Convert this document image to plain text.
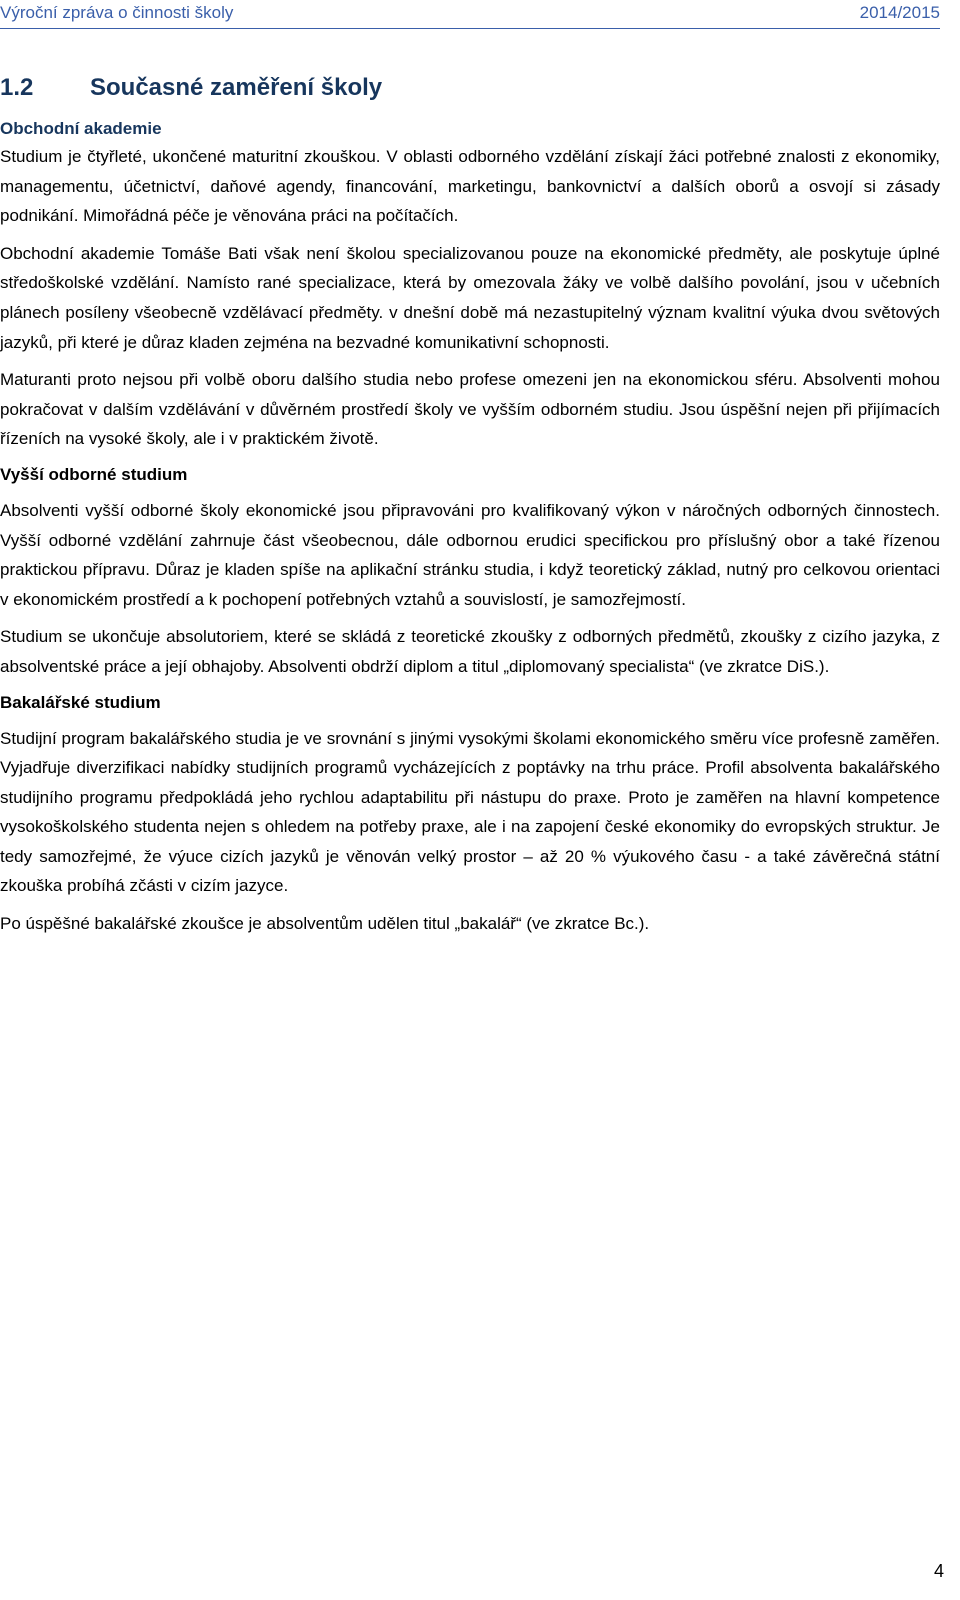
Výroční zpráva o činnosti školy	2014/2015
1.2 Současné zaměření školy
Obchodní akademie

Studium je čtyřleté, ukončené maturitní zkouškou. V oblasti odborného vzdělání získají žáci potřebné znalosti z ekonomiky, managementu, účetnictví, daňové agendy, financování, marketingu, bankovnictví a dalších oborů a osvojí si zásady podnikání. Mimořádná péče je věnována práci na počítačích.

Obchodní akademie Tomáše Bati však není školou specializovanou pouze na ekonomické předměty, ale poskytuje úplné středoškolské vzdělání. Namísto rané specializace, která by omezovala žáky ve volbě dalšího povolání, jsou v učebních plánech posíleny všeobecně vzdělávací předměty. v dnešní době má nezastupitelný význam kvalitní výuka dvou světových jazyků, při které je důraz kladen zejména na bezvadné komunikativní schopnosti.

Maturanti proto nejsou při volbě oboru dalšího studia nebo profese omezeni jen na ekonomickou sféru. Absolventi mohou pokračovat v dalším vzdělávání v důvěrném prostředí školy ve vyšším odborném studiu. Jsou úspěšní nejen při přijímacích řízeních na vysoké školy, ale i v praktickém životě.

Vyšší odborné studium

Absolventi vyšší odborné školy ekonomické jsou připravováni pro kvalifikovaný výkon v náročných odborných činnostech. Vyšší odborné vzdělání zahrnuje část všeobecnou, dále odbornou erudici specifickou pro příslušný obor a také řízenou praktickou přípravu. Důraz je kladen spíše na aplikační stránku studia, i když teoretický základ, nutný pro celkovou orientaci v ekonomickém prostředí a k pochopení potřebných vztahů a souvislostí, je samozřejmostí.

Studium se ukončuje absolutoriem, které se skládá z teoretické zkoušky z odborných předmětů, zkoušky z cizího jazyka, z absolventské práce a její obhajoby. Absolventi obdrží diplom a titul „diplomovaný specialista“ (ve zkratce DiS.).

Bakalářské studium

Studijní program bakalářského studia je ve srovnání s jinými vysokými školami ekonomického směru více profesně zaměřen. Vyjadřuje diverzifikaci nabídky studijních programů vycházejících z poptávky na trhu práce. Profil absolventa bakalářského studijního programu předpokládá jeho rychlou adaptabilitu při nástupu do praxe. Proto je zaměřen na hlavní kompetence vysokoškolského studenta nejen s ohledem na potřeby praxe, ale i na zapojení české ekonomiky do evropských struktur. Je tedy samozřejmé, že výuce cizích jazyků je věnován velký prostor – až 20 % výukového času - a také závěrečná státní zkouška probíhá zčásti v cizím jazyce.

Po úspěšné bakalářské zkoušce je absolventům udělen titul „bakalář“ (ve zkratce Bc.).

4
